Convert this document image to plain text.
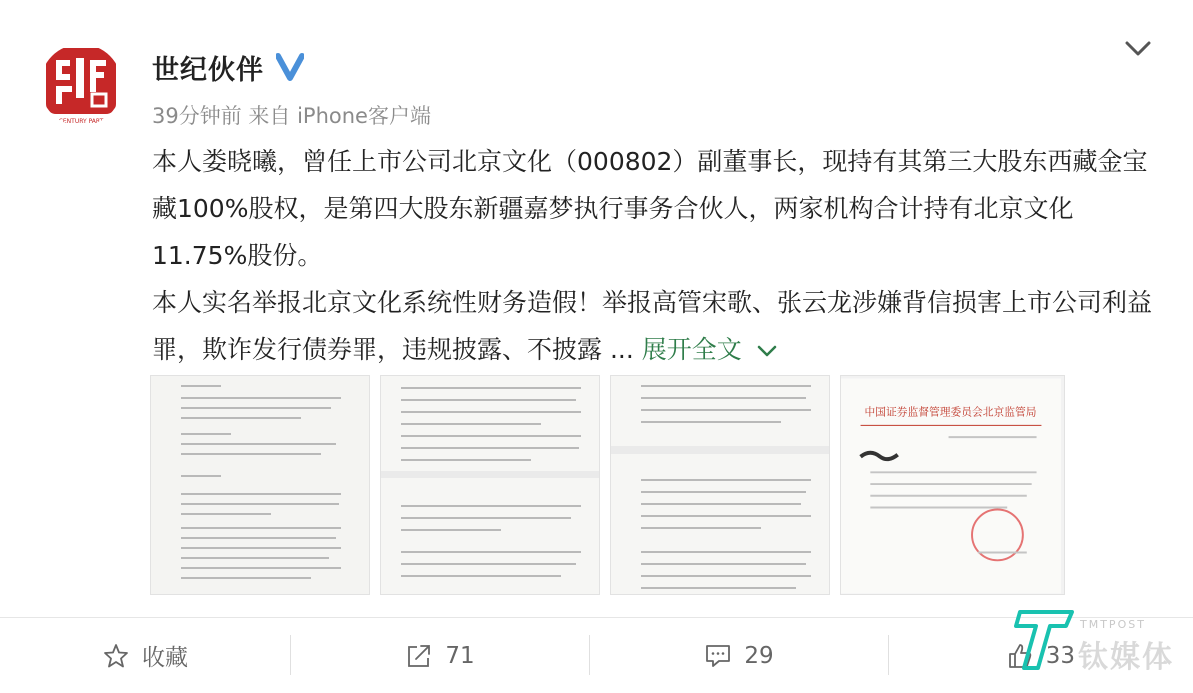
CENTURY PART
世纪伙伴
39分钟前 来自 iPhone客户端

本人娄晓曦，曾任上市公司北京文化（000802）副董事长，现持有其第三大股东西藏金宝藏100%股权，是第四大股东新疆嘉梦执行事务合伙人，两家机构合计持有北京文化11.75%股份。

本人实名举报北京文化系统性财务造假！举报高管宋歌、张云龙涉嫌背信损害上市公司利益罪，欺诈发行债券罪，违规披露、不披露 ... 展开全文

中国证券监督管理委员会北京监管局
收藏	71	29	33
TMTPOST
钛媒体
